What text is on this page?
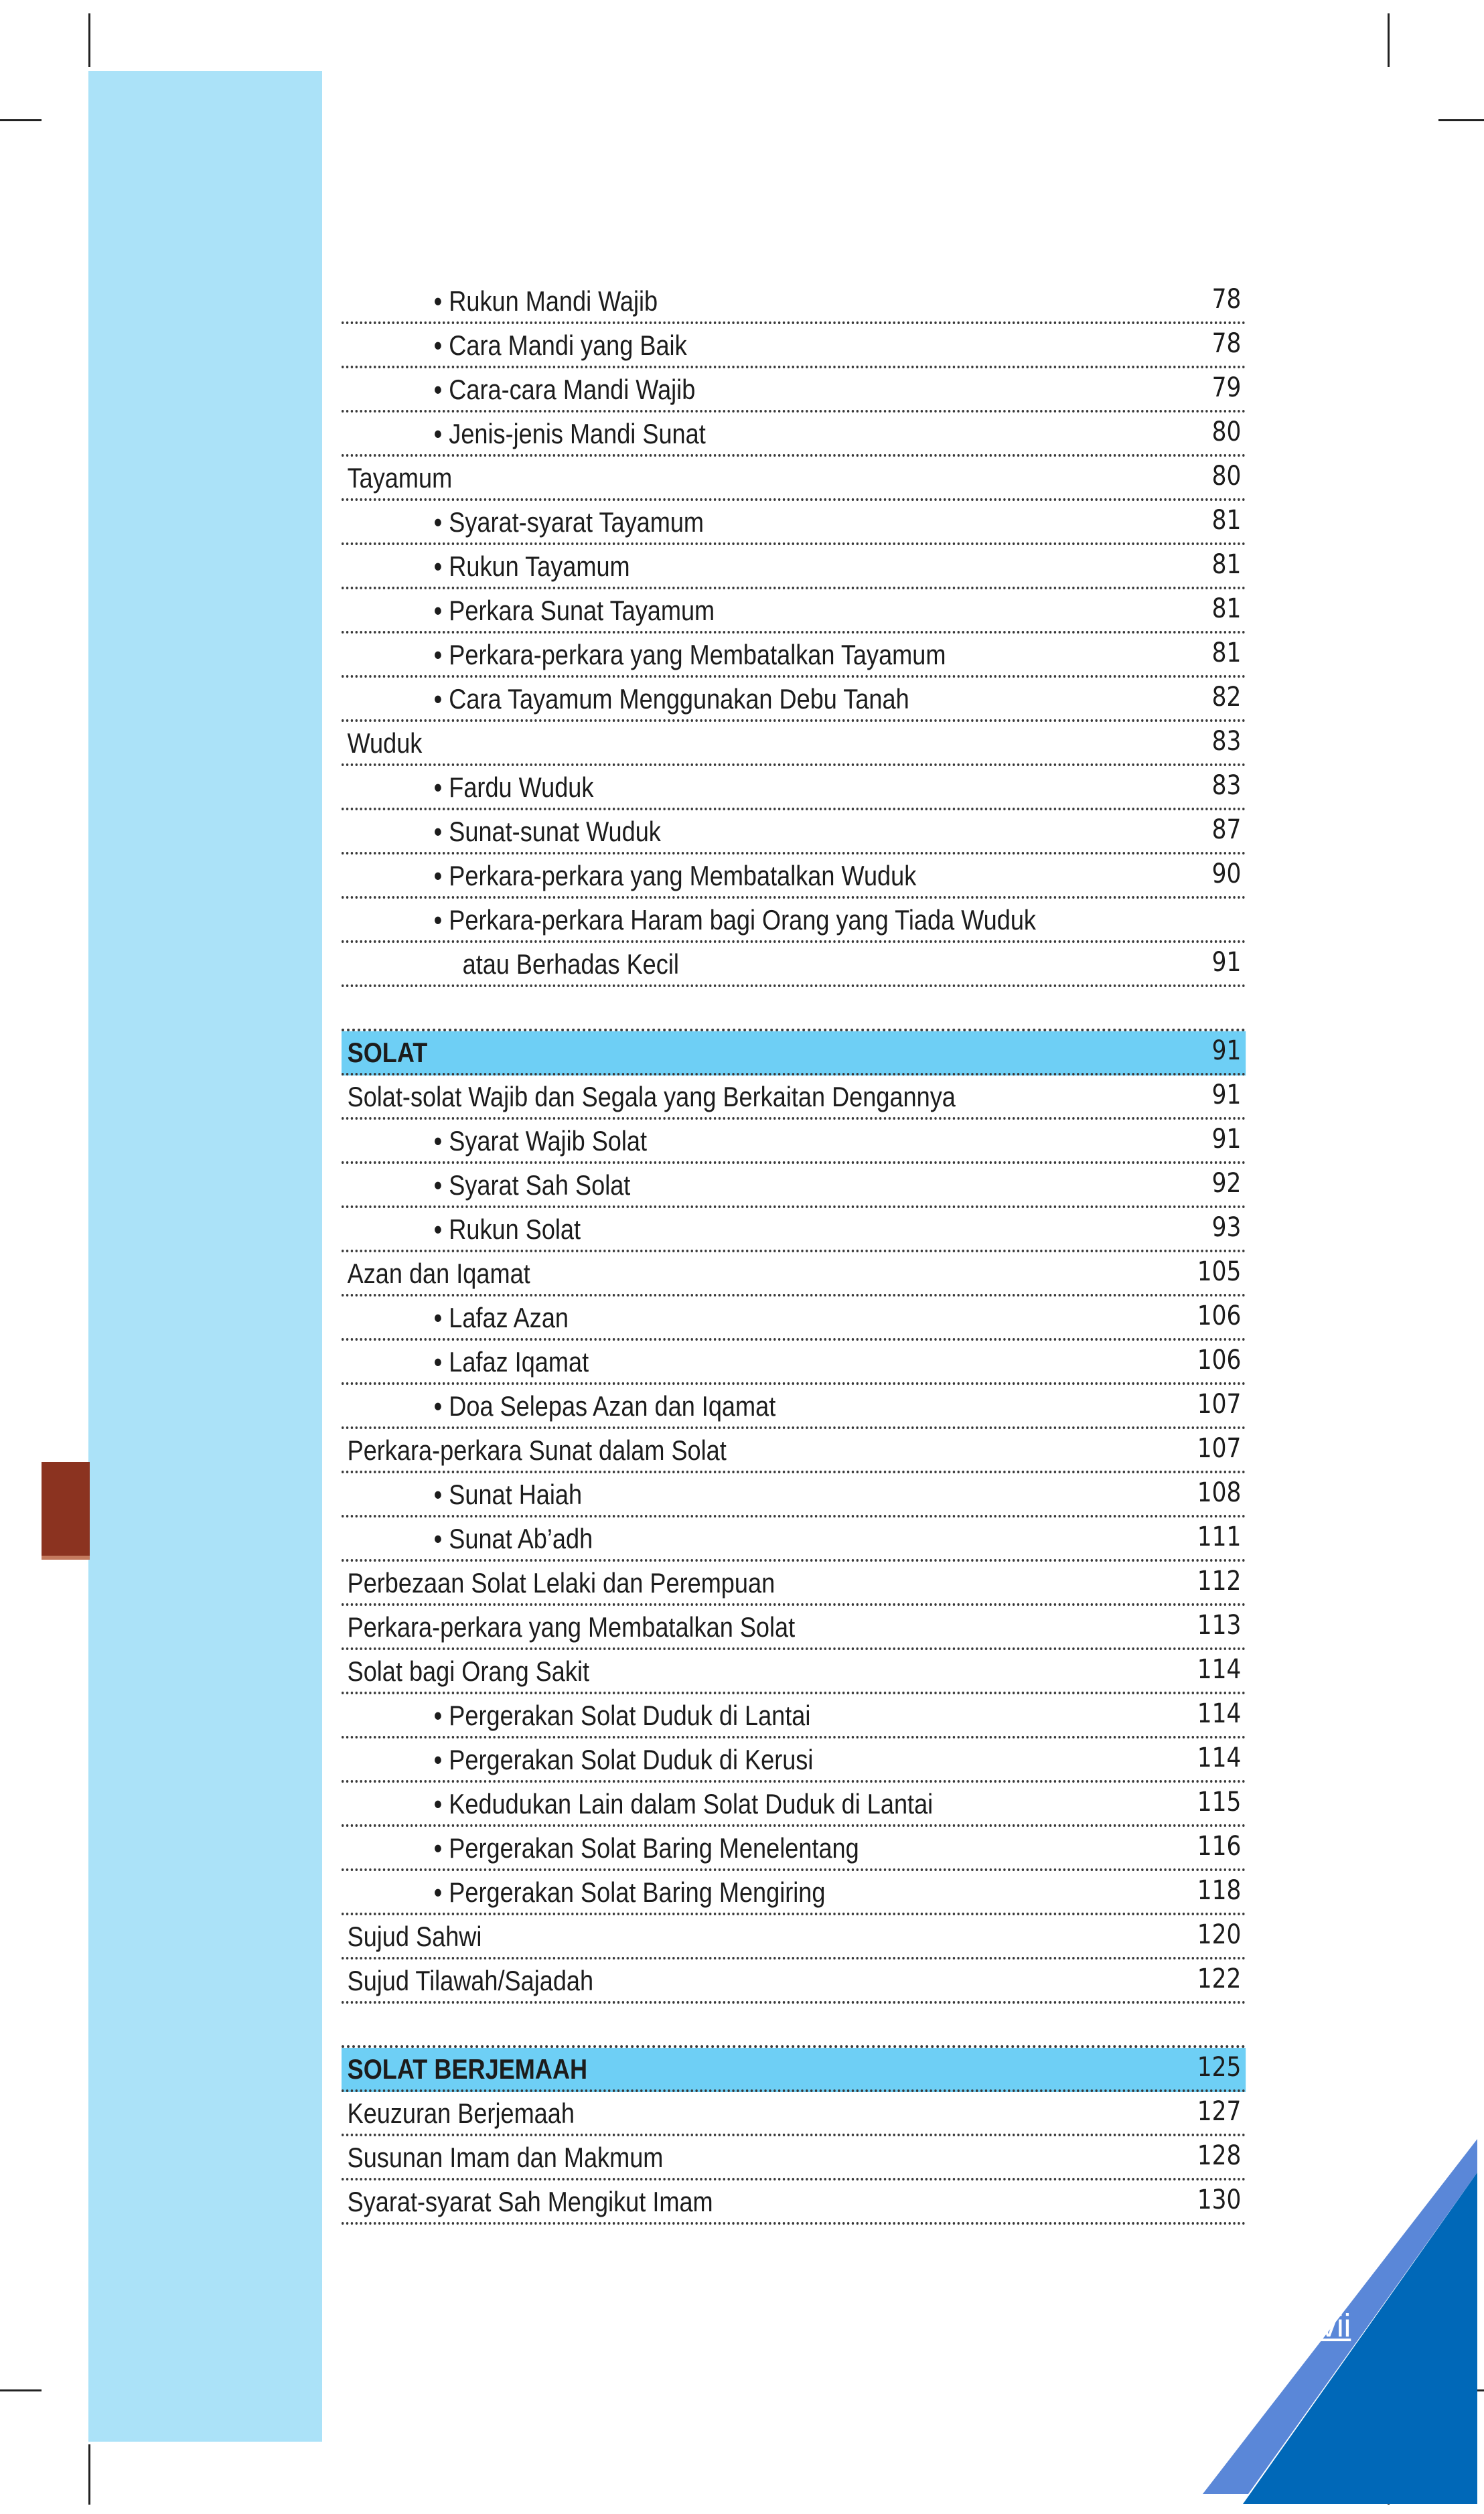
• Rukun Mandi Wajib	78
• Cara Mandi yang Baik	78
• Cara-cara Mandi Wajib	79
• Jenis-jenis Mandi Sunat	80
Tayamum	80
• Syarat-syarat Tayamum	81
• Rukun Tayamum	81
• Perkara Sunat Tayamum	81
• Perkara-perkara yang Membatalkan Tayamum	81
• Cara Tayamum Menggunakan Debu Tanah	82
Wuduk	83
• Fardu Wuduk	83
• Sunat-sunat Wuduk	87
• Perkara-perkara yang Membatalkan Wuduk	90
• Perkara-perkara Haram bagi Orang yang Tiada Wuduk
atau Berhadas Kecil	91
SOLAT	91
Solat-solat Wajib dan Segala yang Berkaitan Dengannya	91
• Syarat Wajib Solat	91
• Syarat Sah Solat	92
• Rukun Solat	93
Azan dan Iqamat	105
• Lafaz Azan	106
• Lafaz Iqamat	106
• Doa Selepas Azan dan Iqamat	107
Perkara-perkara Sunat dalam Solat	107
• Sunat Haiah	108
• Sunat Ab’adh	111
Perbezaan Solat Lelaki dan Perempuan	112
Perkara-perkara yang Membatalkan Solat	113
Solat bagi Orang Sakit	114
• Pergerakan Solat Duduk di Lantai	114
• Pergerakan Solat Duduk di Kerusi	114
• Kedudukan Lain dalam Solat Duduk di Lantai	115
• Pergerakan Solat Baring Menelentang	116
• Pergerakan Solat Baring Mengiring	118
Sujud Sahwi	120
Sujud Tilawah/Sajadah	122
SOLAT BERJEMAAH	125
Keuzuran Berjemaah	127
Susunan Imam dan Makmum	128
Syarat-syarat Sah Mengikut Imam	130
vii
